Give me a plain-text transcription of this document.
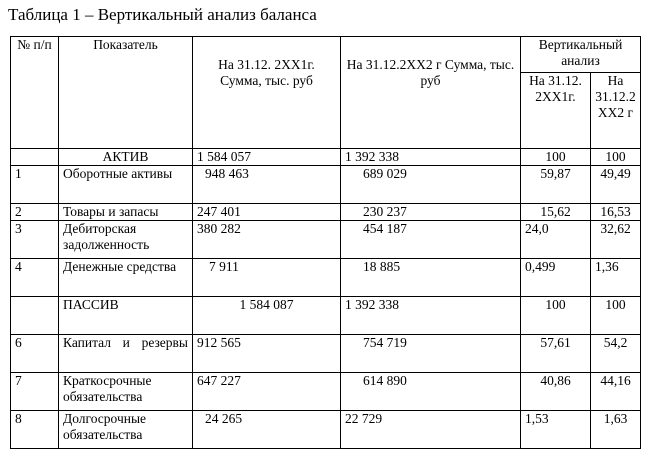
Таблица 1 – Вертикальный анализ баланса
№ п/п	Показатель	На 31.12. 2ХХ1г. Сумма, тыс. руб	На 31.12.2ХХ2 г Сумма, тыс. руб	Вертикальный анализ	
				На 31.12. 2ХХ1г.	На 31.12.2 ХХ2 г
	АКТИВ	1 584 057	1 392 338	100	100
1	Оборотные активы	948 463	689 029	59,87	49,49
2	Товары и запасы	247 401	230 237	15,62	16,53
3	Дебиторская задолженность	380 282	454 187	24,0	32,62
4	Денежные средства	7 911	18 885	0,499	1,36
	ПАССИВ	1 584 087	1 392 338	100	100
6	Капитал и резервы	912 565	754 719	57,61	54,2
7	Краткосрочные обязательства	647 227	614 890	40,86	44,16
8	Долгосрочные обязательства	24 265	22 729	1,53	1,63
